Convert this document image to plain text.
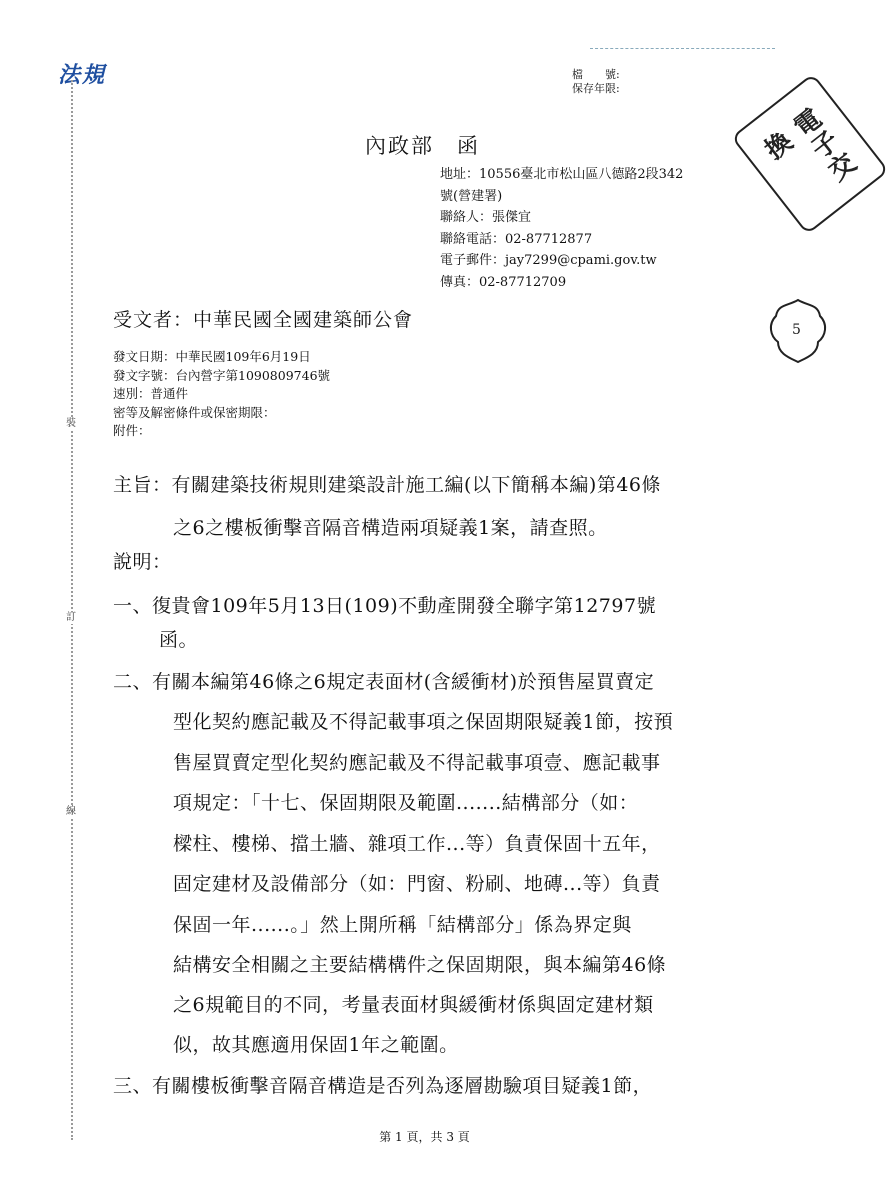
法規
裝
訂
線
檔　　號:
保存年限:
電子交換
內政部　函
地址：10556臺北市松山區八德路2段342
號(營建署)
聯絡人：張傑宜
聯絡電話：02-87712877
電子郵件：jay7299@cpami.gov.tw
傳真：02-87712709
5
受文者：中華民國全國建築師公會
發文日期：中華民國109年6月19日
發文字號：台內營字第1090809746號
速別：普通件
密等及解密條件或保密期限：
附件：
主旨：有關建築技術規則建築設計施工編(以下簡稱本編)第46條
之6之樓板衝擊音隔音構造兩項疑義1案，請查照。
說明：
一、復貴會109年5月13日(109)不動產開發全聯字第12797號
函。
二、有關本編第46條之6規定表面材(含緩衝材)於預售屋買賣定
型化契約應記載及不得記載事項之保固期限疑義1節，按預
售屋買賣定型化契約應記載及不得記載事項壹、應記載事
項規定：「十七、保固期限及範圍.......結構部分（如：
樑柱、樓梯、擋土牆、雜項工作...等）負責保固十五年，
固定建材及設備部分（如：門窗、粉刷、地磚...等）負責
保固一年......。」然上開所稱「結構部分」係為界定與
結構安全相關之主要結構構件之保固期限，與本編第46條
之6規範目的不同，考量表面材與緩衝材係與固定建材類
似，故其應適用保固1年之範圍。
三、有關樓板衝擊音隔音構造是否列為逐層勘驗項目疑義1節，
第 1 頁，共 3 頁
